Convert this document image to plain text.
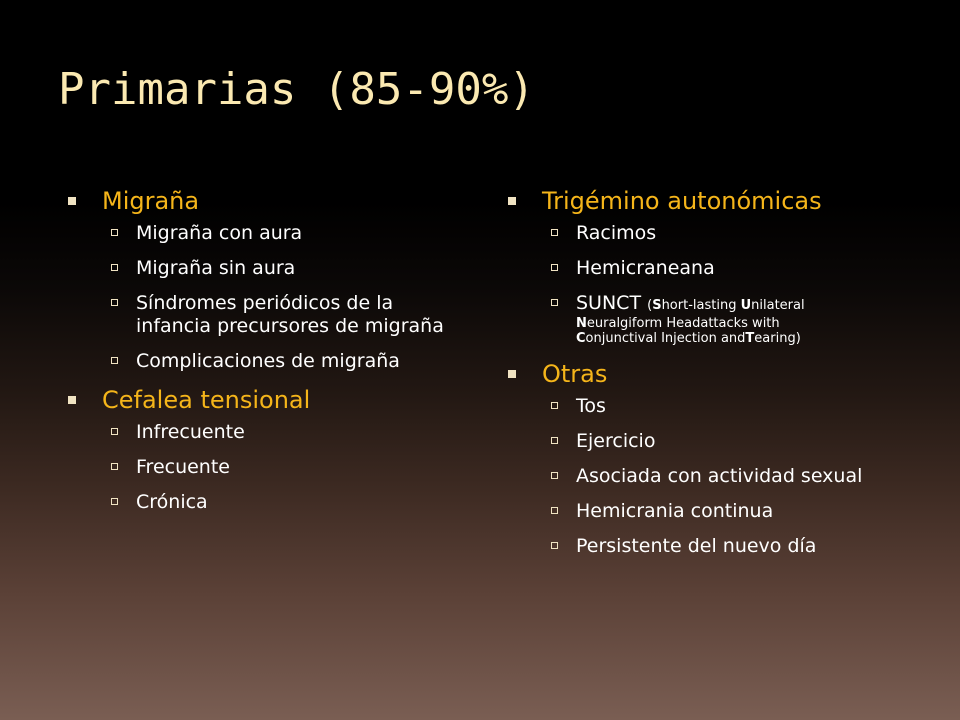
Primarias (85-90%)
Migraña
Migraña con aura
Migraña sin aura
Síndromes periódicos de la infancia precursores de migraña
Complicaciones de migraña
Cefalea tensional
Infrecuente
Frecuente
Crónica
Trigémino autonómicas
Racimos
Hemicraneana
SUNCT (Short-lasting Unilateral
Neuralgiform Headattacks with
Conjunctival Injection andTearing)
Otras
Tos
Ejercicio
Asociada con actividad sexual
Hemicrania continua
Persistente del nuevo día
